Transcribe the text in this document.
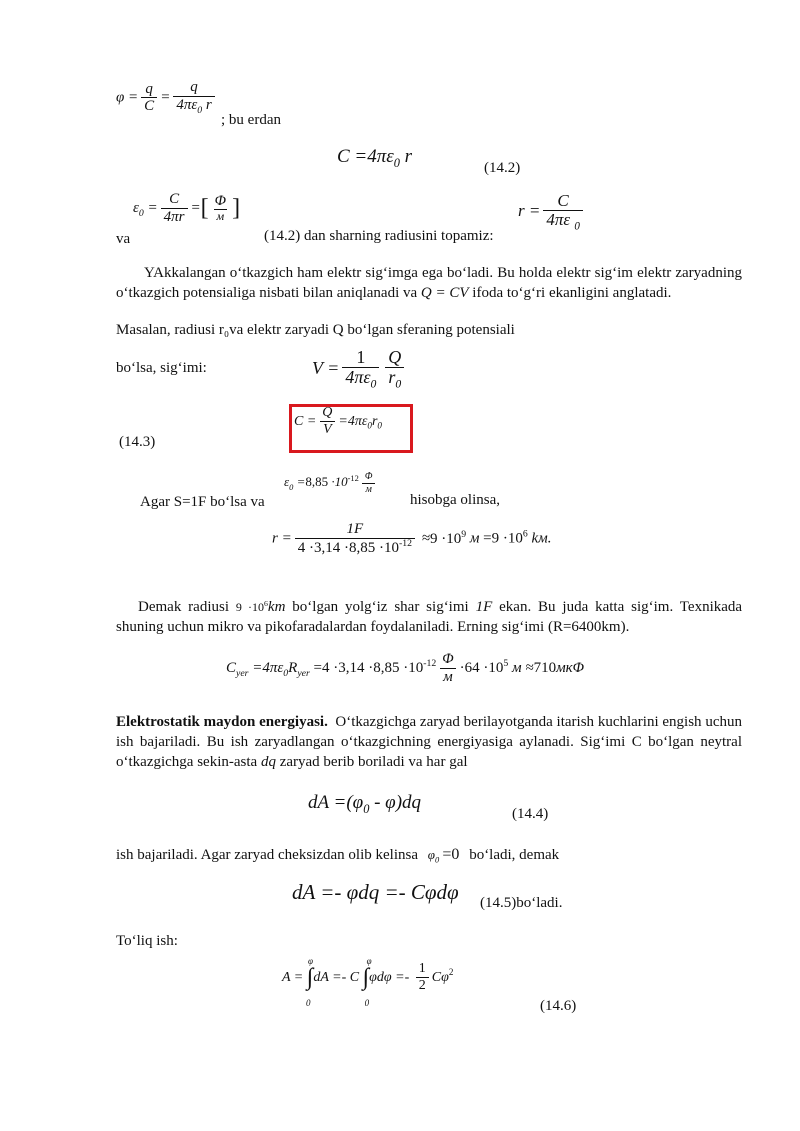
$\varphi = \frac{q}{C} = \frac{q}{4\pi\varepsilon_0 r}$
; bu erdan
$C =4\pi\varepsilon_0$ r
(14.2)
$\varepsilon_0 = \frac{C}{4\pi r}$ =[ $\frac{\Phi}{м}$ ]
va	(14.2) dan sharning radiusini topamiz:
$r = \frac{C}{4\pi\varepsilon _0}$
YAkkalangan o‘tkazgich ham elektr sig‘imga ega bo‘ladi. Bu holda elektr sig‘im elektr zaryadning o‘tkazgich potensialiga nisbati bilan aniqlanadi va Q = CV ifoda to‘g‘ri ekanligini anglatadi.
Masalan, radiusi r₀va elektr zaryadi Q bo‘lgan sferaning potensiali
bo‘lsa, sig‘imi:	$V = \frac{1}{4\pi\varepsilon_0} \frac{Q}{r_0}$
$C = \frac{Q}{V} =4\pi\varepsilon_0r_0$
(14.3)
Agar S=1F bo‘lsa va
$\varepsilon_0 =8,85 \cdot 10^{-12} \frac{\Phi}{м}$
hisobga olinsa,
$r = \frac{1F}{4 \cdot 3,14 \cdot 8,85 \cdot 10^{-12}} \approx 9 \cdot 10^9$ $м =9 \cdot 10^6$ kм.
Demak radiusi $9 \cdot 10^6km$ bo‘lgan yolg‘iz shar sig‘imi 1F ekan. Bu juda katta sig‘im. Texnikada shuning uchun mikro va pikofaradalardan foydalaniladi. Erning sig‘imi (R=6400km).
$C_{yer} =4\pi\varepsilon_0R_{yer} =4 \cdot 3,14 \cdot 8,85 \cdot 10^{-12} \frac{\Phi}{м} \cdot 64 \cdot 10^5$ м ≈710мкΦ
Elektrostatik maydon energiyasi. O‘tkazgichga zaryad berilayotganda itarish kuchlarini engish uchun ish bajariladi. Bu ish zaryadlangan o‘tkazgichning energiyasiga aylanadi. Sig‘imi C bo‘lgan neytral o‘tkazgichga sekin-asta dq zaryad berib boriladi va har gal
dA $=(\varphi_0 - \varphi)dq$
(14.4)
ish bajariladi. Agar zaryad cheksizdan olib kelinsa $\varphi_0 =0$ bo‘ladi, demak
dA =- φdq =- Cφdφ (14.5)bo‘ladi.
To‘liq ish:
A = ∫
φ
0
dA =- C ∫
φ
0
$\varphi d\varphi =- \frac{1}{2} C\varphi^2$
(14.6)
